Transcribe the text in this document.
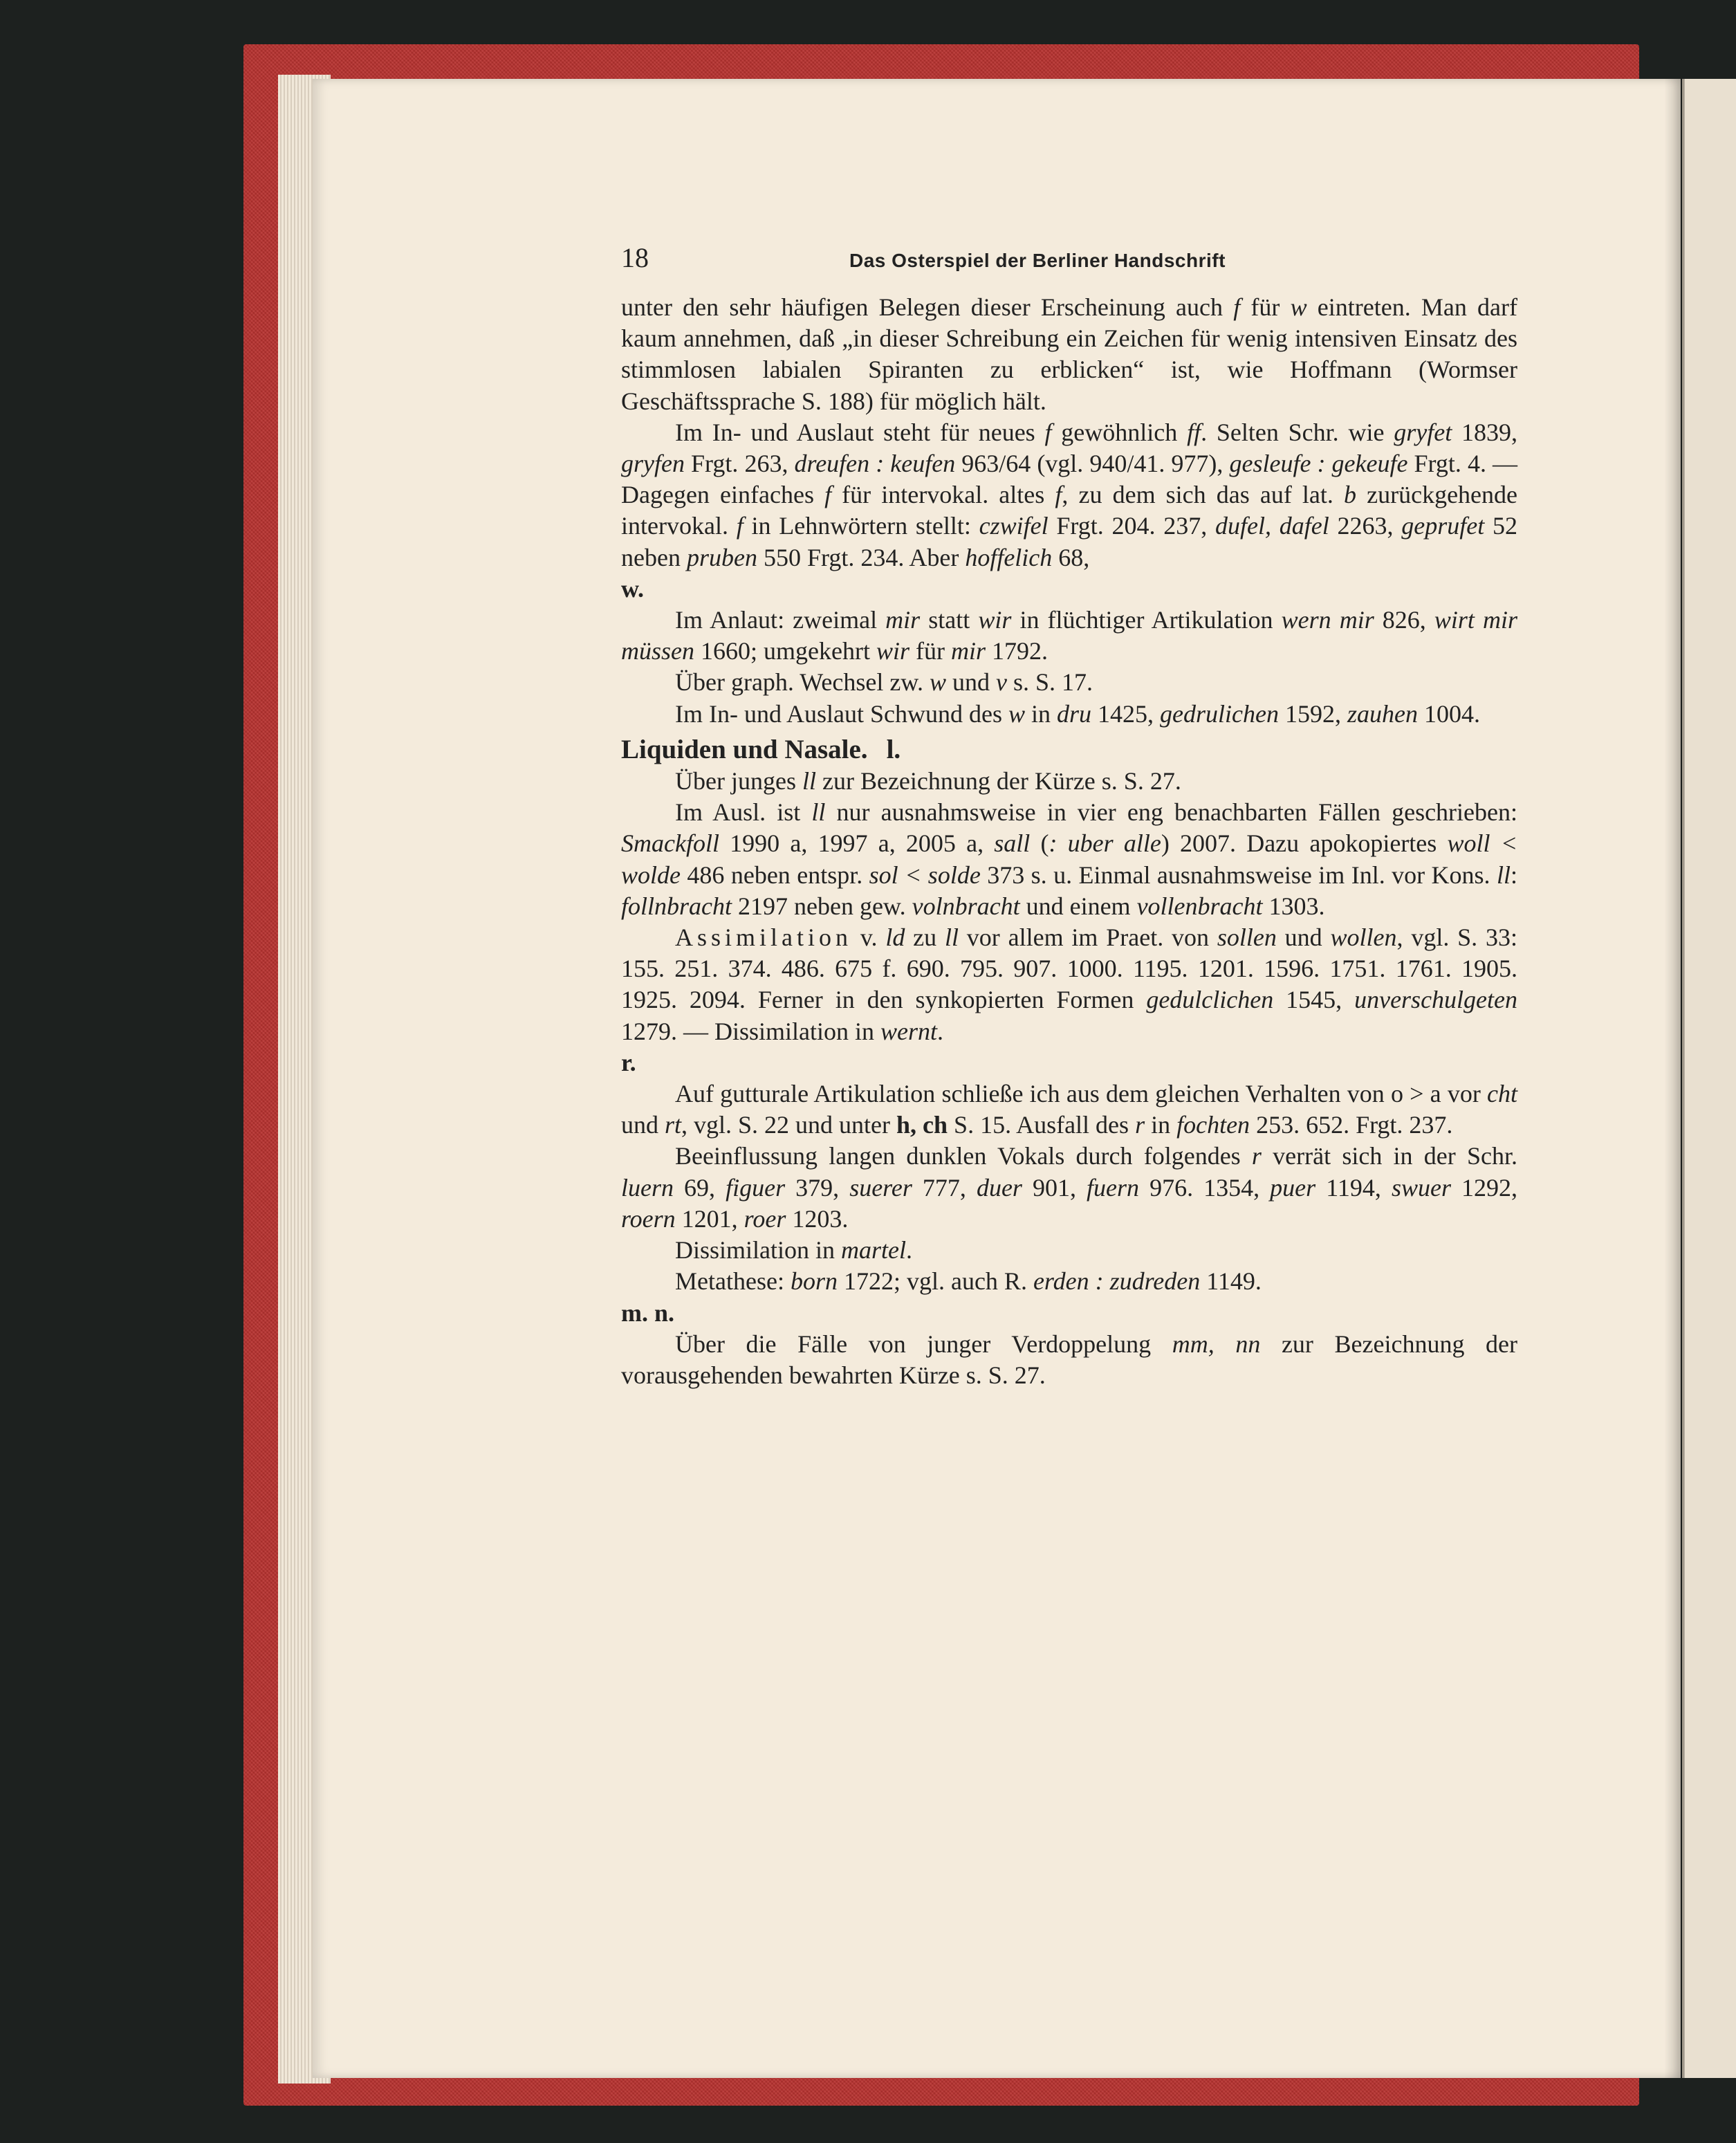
18	Das Osterspiel der Berliner Handschrift

unter den sehr häufigen Belegen dieser Erscheinung auch f für w eintreten. Man darf kaum annehmen, daß „in dieser Schreibung ein Zeichen für wenig intensiven Einsatz des stimmlosen labialen Spiranten zu erblicken“ ist, wie Hoffmann (Wormser Geschäftssprache S. 188) für möglich hält.

Im In- und Auslaut steht für neues f gewöhnlich ff. Selten Schr. wie gryfet 1839, gryfen Frgt. 263, dreufen : keufen 963/64 (vgl. 940/41. 977), gesleufe : gekeufe Frgt. 4. — Dagegen einfaches f für intervokal. altes f, zu dem sich das auf lat. b zurückgehende intervokal. f in Lehnwörtern stellt: czwifel Frgt. 204. 237, dufel, dafel 2263, geprufet 52 neben pruben 550 Frgt. 234. Aber hoffelich 68,

w.

Im Anlaut: zweimal mir statt wir in flüchtiger Artikulation wern mir 826, wirt mir müssen 1660; umgekehrt wir für mir 1792.

Über graph. Wechsel zw. w und v s. S. 17.

Im In- und Auslaut Schwund des w in dru 1425, gedrulichen 1592, zauhen 1004.

Liquiden und Nasale. l.

Über junges ll zur Bezeichnung der Kürze s. S. 27.

Im Ausl. ist ll nur ausnahmsweise in vier eng benachbarten Fällen geschrieben: Smackfoll 1990 a, 1997 a, 2005 a, sall (: uber alle) 2007. Dazu apokopiertes woll < wolde 486 neben entspr. sol < solde 373 s. u. Einmal ausnahmsweise im Inl. vor Kons. ll: follnbracht 2197 neben gew. volnbracht und einem vollenbracht 1303.

Assimilation v. ld zu ll vor allem im Praet. von sollen und wollen, vgl. S. 33: 155. 251. 374. 486. 675 f. 690. 795. 907. 1000. 1195. 1201. 1596. 1751. 1761. 1905. 1925. 2094. Ferner in den synkopierten Formen gedulclichen 1545, unverschulgeten 1279. — Dissimilation in wernt.

r.

Auf gutturale Artikulation schließe ich aus dem gleichen Verhalten von o > a vor cht und rt, vgl. S. 22 und unter h, ch S. 15. Ausfall des r in fochten 253. 652. Frgt. 237.

Beeinflussung langen dunklen Vokals durch folgendes r verrät sich in der Schr. luern 69, figuer 379, suerer 777, duer 901, fuern 976. 1354, puer 1194, swuer 1292, roern 1201, roer 1203.

Dissimilation in martel.

Metathese: born 1722; vgl. auch R. erden : zudreden 1149.

m. n.

Über die Fälle von junger Verdoppelung mm, nn zur Bezeichnung der vorausgehenden bewahrten Kürze s. S. 27.
